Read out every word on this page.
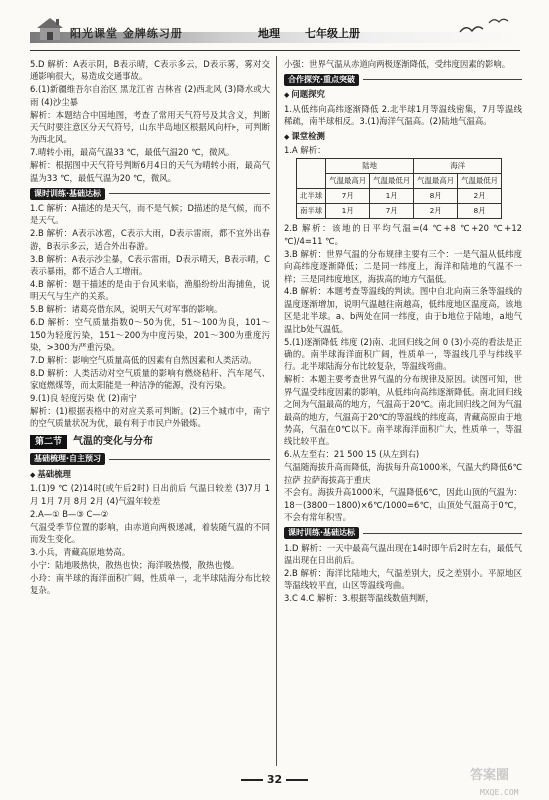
阳光课堂 金牌练习册	地理 七年级上册

5.D 解析：A表示阴，B表示晴，C表示多云，D表示雾，雾对交通影响很大，易造成交通事故。

6.(1)新疆维吾尔自治区 黑龙江省 吉林省 (2)西北风 (3)降水或大雨 (4)沙尘暴

解析：本题结合中国地图，考查了常用天气符号及其含义，判断天气时要注意区分天气符号，山东半岛地区根据风向杆⊧，可判断为西北风。

7.晴转小雨，最高气温33 ℃，最低气温20 ℃，微风。

解析：根据图中天气符号判断6月4日的天气为晴转小雨，最高气温为33 ℃，最低气温为20 ℃，微风。

课时训练·基础达标

1.C 解析：A描述的是天气，而不是气候；D描述的是气候，而不是天气。

2.B 解析：A表示冰雹，C表示大雨，D表示雷雨，都不宜外出春游，B表示多云，适合外出春游。

3.B 解析：A表示沙尘暴，C表示雷雨，D表示晴天，B表示晴，C表示暴雨，都不适合人工增雨。

4.B 解析：题干描述的是由于台风来临，渔船纷纷出海捕鱼，说明天气与生产的关系。

5.B 解析：诸葛亮借东风，说明天气对军事的影响。

6.D 解析：空气质量指数0～50为优，51～100为良，101～150为轻度污染，151～200为中度污染，201～300为重度污染，>300为严重污染。

7.D 解析：影响空气质量高低的因素有自然因素和人类活动。

8.D 解析：人类活动对空气质量的影响有燃烧秸秆、汽车尾气、家庭燃煤等，而太阳能是一种洁净的能源，没有污染。

9.(1)良 轻度污染 优 (2)南宁

解析：(1)根据表格中的对应关系可判断。(2)三个城市中，南宁的空气质量状况为优，最有利于市民户外锻炼。

第二节	气温的变化与分布
基础梳理·自主预习
◆ 基础梳理

1.(1)9 ℃ (2)14时(或午后2时) 日出前后 气温日较差 (3)7月 1月 1月 7月 8月 2月 (4)气温年较差

2.A—① B—③ C—②

气温受季节位置的影响，由赤道向两极递减，着装随气温的不同而发生变化。

3.小兵，青藏高原地势高。

小宁：陆地吸热快，散热也快；海洋吸热慢，散热也慢。

小玲：南半球的海洋面积广阔，性质单一，北半球陆海分布比较复杂。

小强：世界气温从赤道向两极逐渐降低，受纬度因素的影响。

合作探究·重点突破
◆ 问题探究

1.从低纬向高纬逐渐降低 2.北半球1月等温线密集，7月等温线稀疏，南半球相反。3.(1)海洋气温高。(2)陆地气温高。

◆ 课堂检测

1.A 解析：

	陆地		海洋	
	气温最高月	气温最低月	气温最高月	气温最低月
北半球	7月	1月	8月	2月
南半球	1月	7月	2月	8月

2.B 解析：该地的日平均气温=(4 ℃+8 ℃+20 ℃+12 ℃)/4=11 ℃。

3.B 解析：世界气温的分布规律主要有三个：一是气温从低纬度向高纬度逐渐降低；二是同一纬度上，海洋和陆地的气温不一样；三是同纬度地区，海拔高的地方气温低。

4.B 解析：本题考查等温线的判读。图中自北向南三条等温线的温度逐渐增加，说明气温越往南越高，低纬度地区温度高，该地区是北半球。a、b两处在同一纬度，由于b地位于陆地，a地气温比b处气温低。

5.(1)逐渐降低 纬度 (2)南、北回归线之间 0 (3)小亮的看法是正确的。南半球海洋面积广阔，性质单一，等温线几乎与纬线平行。北半球陆海分布比较复杂，等温线弯曲。

解析：本题主要考查世界气温的分布规律及原因。读图可知，世界气温受纬度因素的影响，从低纬向高纬逐渐降低。南北回归线之间为气温最高的地方，气温高于20℃。南北回归线之间为气温最高的地方，气温高于20℃的等温线的纬度高，青藏高原由于地势高，气温在0℃以下。南半球海洋面积广大，性质单一，等温线比较平直。

6.从左至右：21 500 15 (从左到右)

气温随海拔升高而降低，海拔每升高1000米，气温大约降低6℃ 拉萨 拉萨海拔高于重庆

不会有。海拔升高1000米，气温降低6℃，因此山顶的气温为：18－(3800－1800)×6℃/1000=6℃，山顶处气温高于0℃，不会有常年积雪。

课时训练·基础达标

1.D 解析：一天中最高气温出现在14时即午后2时左右，最低气温出现在日出前后。

2.B 解析：海洋比陆地大，气温差别大，反之差别小。平原地区等温线较平直，山区等温线弯曲。

3.C 4.C 解析：3.根据等温线数值判断，

32	答案圈
MXQE.COM
